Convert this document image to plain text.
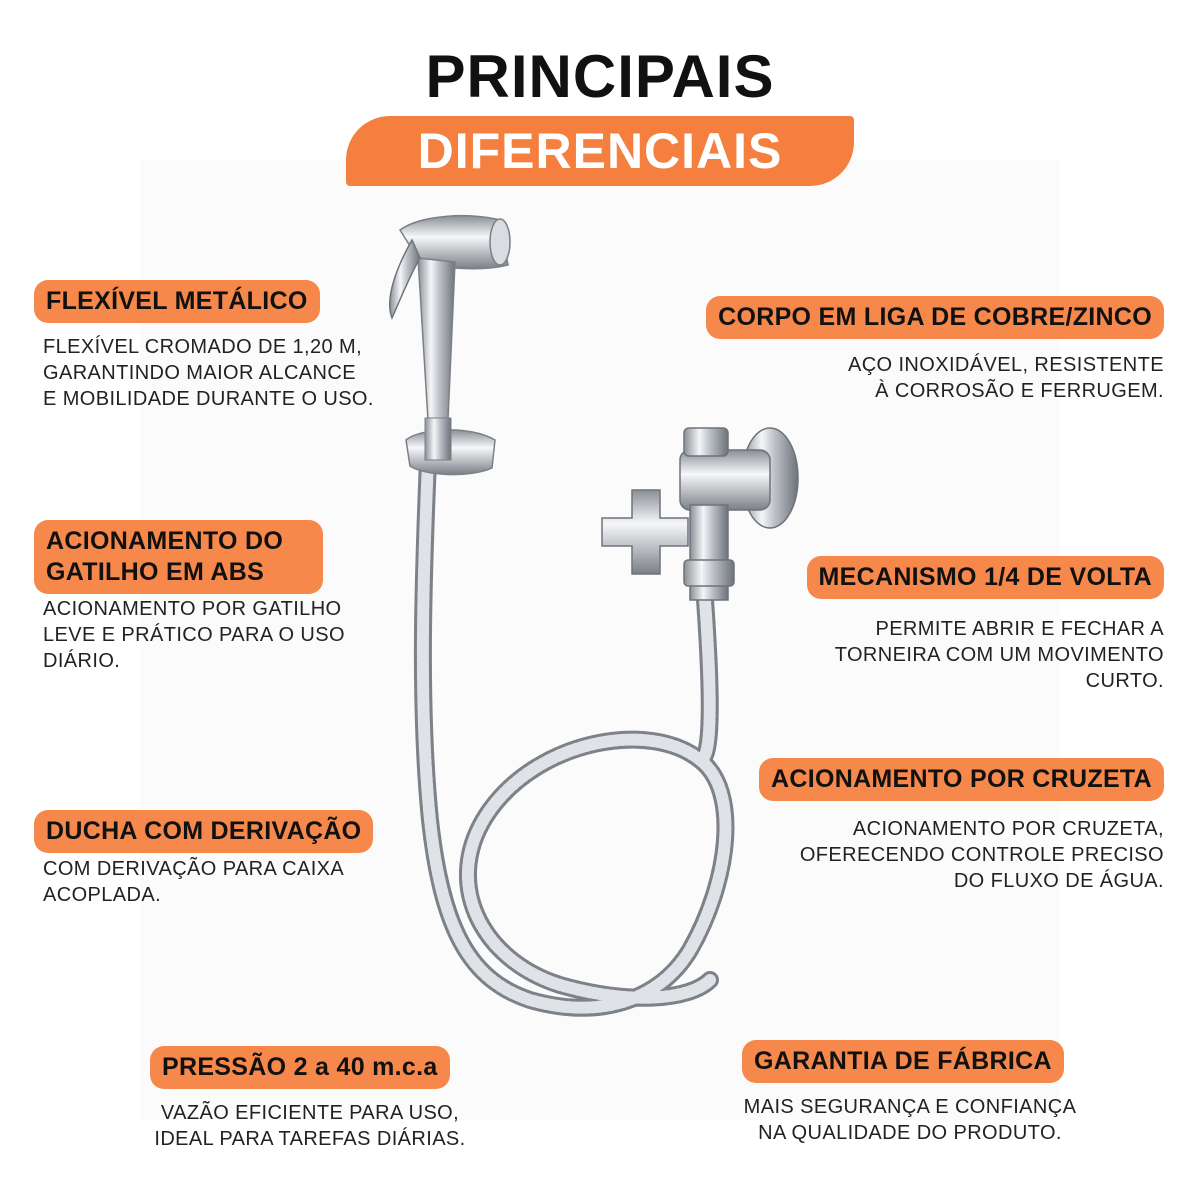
PRINCIPAIS
DIFERENCIAIS
FLEXÍVEL METÁLICO
FLEXÍVEL CROMADO DE 1,20 M,
GARANTINDO MAIOR ALCANCE
E MOBILIDADE DURANTE O USO.
ACIONAMENTO DO GATILHO EM ABS
ACIONAMENTO POR GATILHO
LEVE E PRÁTICO PARA O USO
DIÁRIO.
DUCHA COM DERIVAÇÃO
COM DERIVAÇÃO PARA CAIXA
ACOPLADA.
PRESSÃO 2 a 40 m.c.a
VAZÃO EFICIENTE PARA USO,
IDEAL PARA TAREFAS DIÁRIAS.
CORPO EM LIGA DE COBRE/ZINCO
AÇO INOXIDÁVEL, RESISTENTE
À CORROSÃO E FERRUGEM.
MECANISMO 1/4 DE VOLTA
PERMITE ABRIR E FECHAR A
TORNEIRA COM UM MOVIMENTO
CURTO.
ACIONAMENTO POR CRUZETA
ACIONAMENTO POR CRUZETA,
OFERECENDO CONTROLE PRECISO
DO FLUXO DE ÁGUA.
GARANTIA DE FÁBRICA
MAIS SEGURANÇA E CONFIANÇA
NA QUALIDADE DO PRODUTO.
